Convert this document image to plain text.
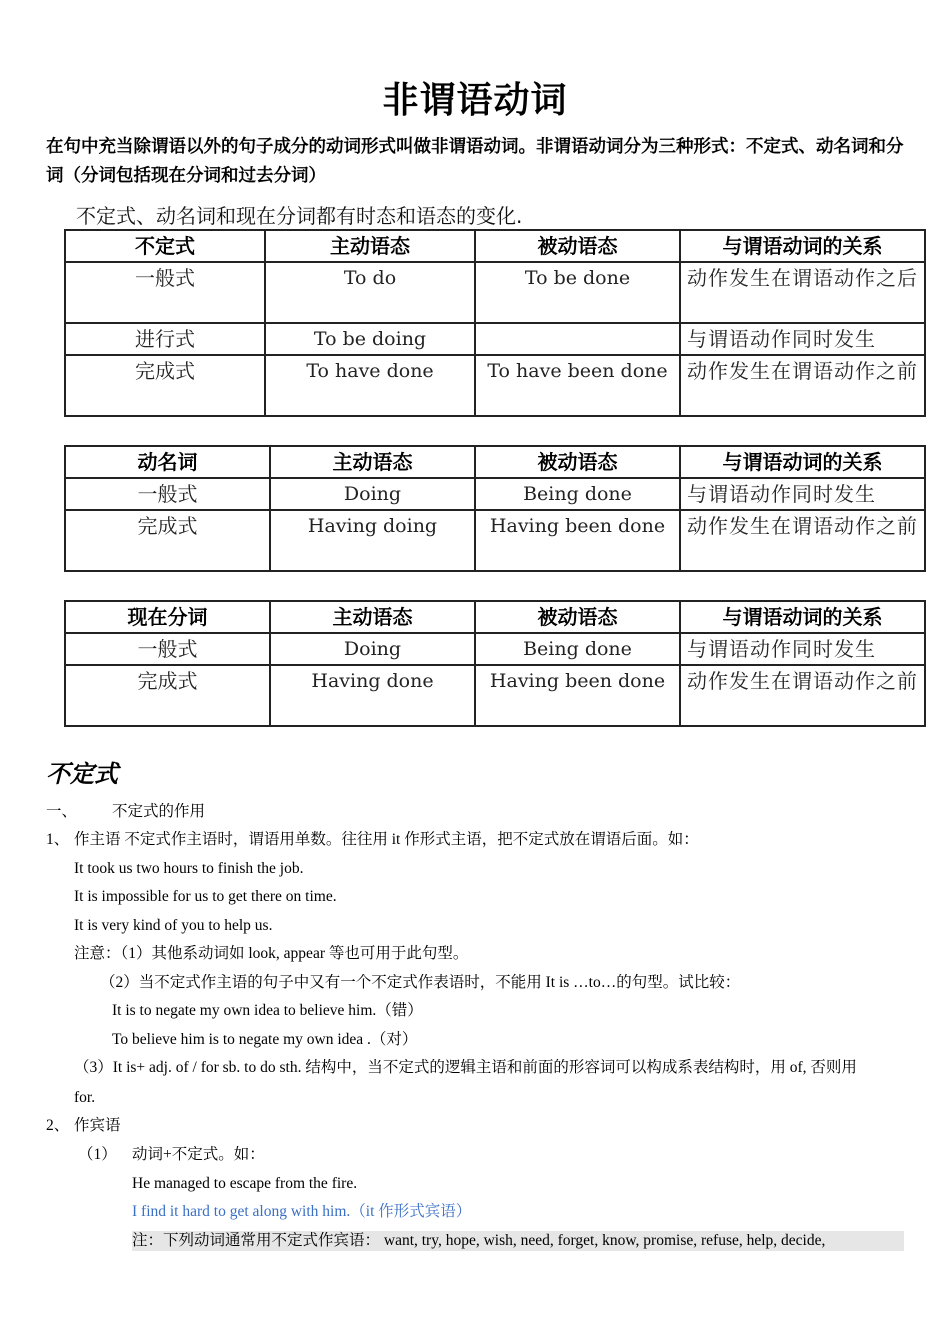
非谓语动词
在句中充当除谓语以外的句子成分的动词形式叫做非谓语动词。非谓语动词分为三种形式：不定式、动名词和分词（分词包括现在分词和过去分词）
不定式、动名词和现在分词都有时态和语态的变化.
不定式	主动语态	被动语态	与谓语动词的关系
一般式	To do	To be done	动作发生在谓语动作之后
进行式	To be doing		与谓语动作同时发生
完成式	To have done	To have been done	动作发生在谓语动作之前
动名词	主动语态	被动语态	与谓语动词的关系
一般式	Doing	Being done	与谓语动作同时发生
完成式	Having doing	Having been done	动作发生在谓语动作之前
现在分词	主动语态	被动语态	与谓语动词的关系
一般式	Doing	Being done	与谓语动作同时发生
完成式	Having done	Having been done	动作发生在谓语动作之前
不定式
一、 不定式的作用
1、 作主语 不定式作主语时，谓语用单数。往往用 it 作形式主语，把不定式放在谓语后面。如：
It took us two hours to finish the job.
It is impossible for us to get there on time.
It is very kind of you to help us.
注意：（1）其他系动词如 look, appear 等也可用于此句型。
（2）当不定式作主语的句子中又有一个不定式作表语时，不能用 It is …to…的句型。试比较：
It is to negate my own idea to believe him.（错）
To believe him is to negate my own idea .（对）
（3）It is+ adj. of / for sb. to do sth. 结构中，当不定式的逻辑主语和前面的形容词可以构成系表结构时，用 of, 否则用
for.
2、 作宾语
（1） 动词+不定式。如：
He managed to escape from the fire.
I find it hard to get along with him.（it 作形式宾语）
注：下列动词通常用不定式作宾语： want, try, hope, wish, need, forget, know, promise, refuse, help, decide,
